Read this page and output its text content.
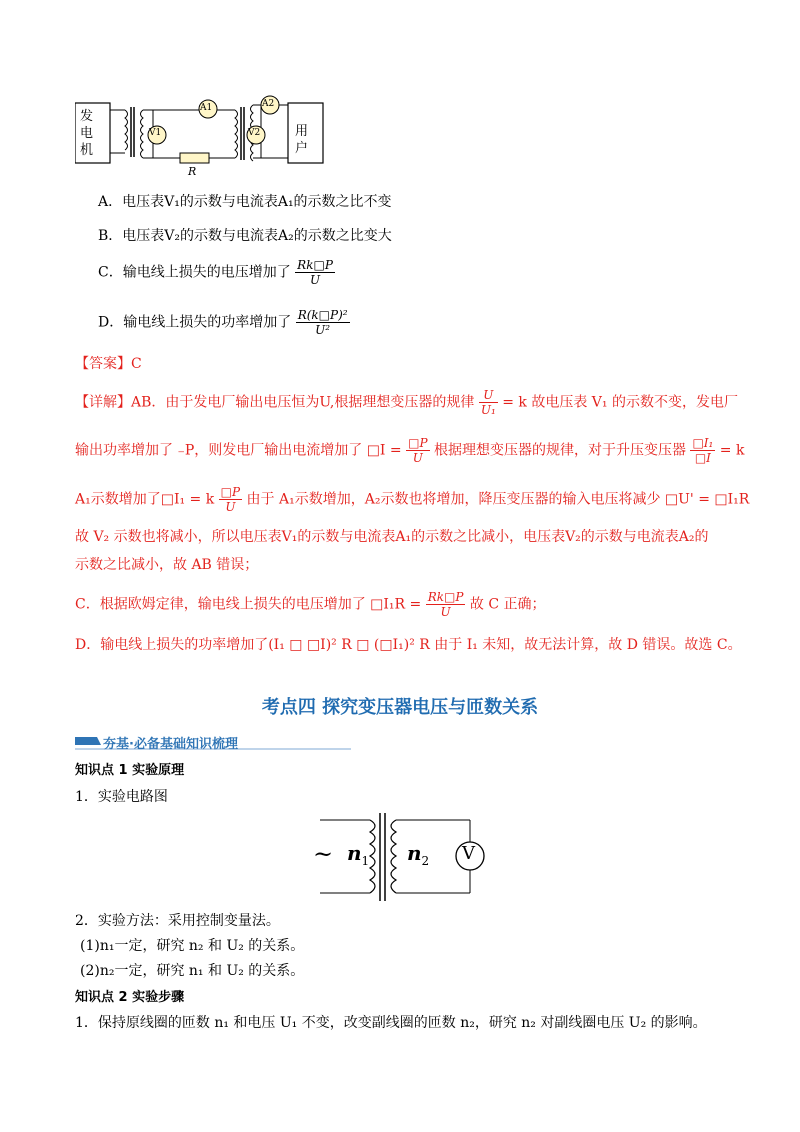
发电机
用户
V1	V2
A1	A2
R
A．电压表V₁的示数与电流表A₁的示数之比不变
B．电压表V₂的示数与电流表A₂的示数之比变大
C．输电线上损失的电压增加了 $\frac{Rk□P}{U}$
D．输电线上损失的功率增加了 $\frac{\text{R(k□P)²}}{\text{U²}}$
【答案】C
【详解】AB．由于发电厂输出电压恒为U,根据理想变压器的规律 $\frac{U}{\text{U₁}} = k$ 故电压表 V₁ 的示数不变，发电厂
输出功率增加了 ₋P，则发电厂输出电流增加了 □I = $\frac{□P}{U}$ 根据理想变压器的规律，对于升压变压器 $\frac{\text{□I₁}}{□I} = k$
A₁示数增加了□I₁ = k $\frac{□P}{U}$ 由于 A₁示数增加，A₂示数也将增加，降压变压器的输入电压将减少 □U' = □I₁R
故 V₂ 示数也将减小，所以电压表V₁的示数与电流表A₁的示数之比减小，电压表V₂的示数与电流表A₂的
示数之比减小，故 AB 错误；
C．根据欧姆定律，输电线上损失的电压增加了 □I₁R = $\frac{Rk□P}{U}$ 故 C 正确；
D．输电线上损失的功率增加了(I₁ □ □I)² R □ (□I₁)² R 由于 I₁ 未知，故无法计算，故 D 错误。故选 C。
考点四 探究变压器电压与匝数关系
夯基·必备基础知识梳理
知识点 1 实验原理
1．实验电路图
~ $n_1$ $n_2$ V
2．实验方法：采用控制变量法。
(1)n₁一定，研究 n₂ 和 U₂ 的关系。
(2)n₂一定，研究 n₁ 和 U₂ 的关系。
知识点 2 实验步骤
1．保持原线圈的匝数 n₁ 和电压 U₁ 不变，改变副线圈的匝数 n₂，研究 n₂ 对副线圈电压 U₂ 的影响。
